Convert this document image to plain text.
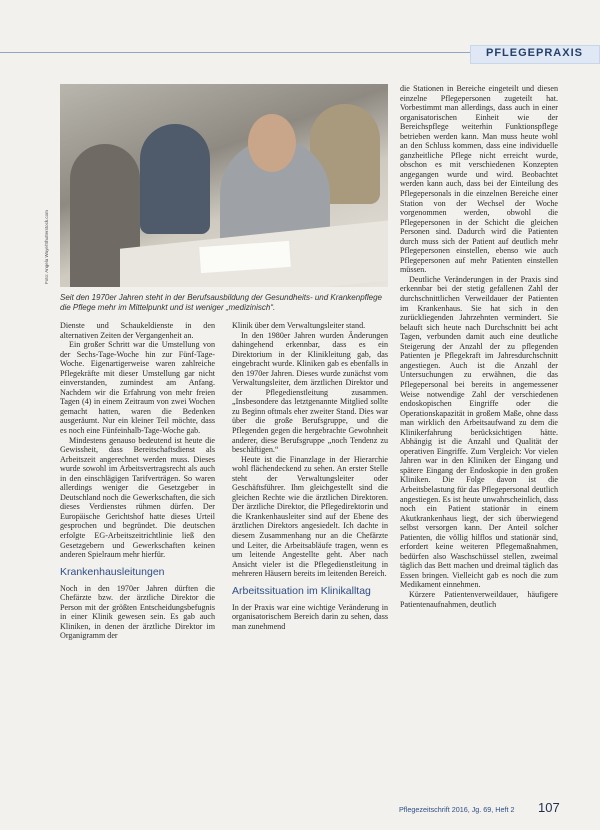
PFLEGEPRAXIS
Foto: Angela Waye/Shutterstock.com
Seit den 1970er Jahren steht in der Berufsausbildung der Gesundheits- und Krankenpflege die Pflege mehr im Mittelpunkt und ist weniger „medizinisch“.

Dienste und Schaukeldienste in den alternativen Zeiten der Vergangenheit an.

Ein großer Schritt war die Umstellung von der Sechs-Tage-Woche hin zur Fünf-Tage-Woche. Eigenartigerweise waren zahlreiche Pflegekräfte mit dieser Umstellung gar nicht einverstanden, zumindest am Anfang. Nachdem wir die Erfahrung von mehr freien Tagen (4) in einem Zeitraum von zwei Wochen gemacht hatten, waren die Bedenken ausgeräumt. Nur ein kleiner Teil möchte, dass es noch eine Fünfeinhalb-Tage-Woche gab.

Mindestens genauso bedeutend ist heute die Gewissheit, dass Bereitschaftsdienst als Arbeitszeit angerechnet werden muss. Dieses wurde sowohl im Arbeitsvertragsrecht als auch in den einschlägigen Tarifverträgen. So waren allerdings weniger die Gesetzgeber in Deutschland noch die Gewerkschaften, die sich dieses Verdienstes rühmen dürfen. Der Europäische Gerichtshof hatte dieses Urteil gesprochen und begründet. Die deutschen erfolgte EG-Arbeitszeitrichtlinie ließ den Gesetzgebern und Gewerkschaften keinen anderen Spielraum mehr hierfür.

Krankenhausleitungen

Noch in den 1970er Jahren dürften die Chefärzte bzw. der ärztliche Direktor die Person mit der größten Entscheidungsbefugnis in einer Klinik gewesen sein. Es gab auch Kliniken, in denen der ärztliche Direktor im Organigramm der

Klinik über dem Verwaltungsleiter stand.

In den 1980er Jahren wurden Änderungen dahingehend erkennbar, dass es ein Direktorium in der Klinikleitung gab, das eingebracht wurde. Kliniken gab es ebenfalls in den 1970er Jahren. Dieses wurde zunächst vom Verwaltungsleiter, dem ärztlichen Direktor und der Pflegedienstleitung zusammen. „Insbesondere das letztgenannte Mitglied sollte zu Beginn oftmals eher zweiter Stand. Dies war über die große Berufsgruppe, und die Pflegenden gegen die hergebrachte Gewohnheit anderer, diese Berufsgruppe „noch Tendenz zu beschäftigen.“

Heute ist die Finanzlage in der Hierarchie wohl flächendeckend zu sehen. An erster Stelle steht der Verwaltungsleiter oder Geschäftsführer. Ihm gleichgestellt sind die gleichen Rechte wie die ärztlichen Direktoren. Der ärztliche Direktor, die Pflegedirektorin und die Krankenhausleiter sind auf der Ebene des ärztlichen Direktors angesiedelt. Ich dachte in diesem Zusammenhang nur an die Chefärzte und Leiter, die Arbeitsabläufe tragen, wenn es um leitende Angestellte geht. Aber nach Ansicht vieler ist die Pflegedienstleitung in mehreren Häusern bereits im leitenden Bereich.

Arbeitssituation im Klinikalltag

In der Praxis war eine wichtige Veränderung in organisatorischem Bereich darin zu sehen, dass man zunehmend

die Stationen in Bereiche eingeteilt und diesen einzelne Pflegepersonen zugeteilt hat. Vorbestimmt man allerdings, dass auch in einer organisatorischen Einheit wie der Bereichspflege weiterhin Funktionspflege betrieben werden kann. Man muss heute wohl an den Schluss kommen, dass eine individuelle ganzheitliche Pflege nicht erreicht wurde, obschon es mit verschiedenen Konzepten angegangen wurde und wird. Beobachtet werden kann auch, dass bei der Einteilung des Pflegepersonals in die einzelnen Bereiche einer Station von der Wechsel der Woche vorgenommen werden, obwohl die Pflegepersonen in der Schicht die gleichen Personen sind. Dadurch wird die Patienten durch muss sich der Patient auf deutlich mehr Pflegepersonen einstellen, ebenso wie auch Pflegepersonen auf mehr Patienten einstellen müssen.

Deutliche Veränderungen in der Praxis sind erkennbar bei der stetig gefallenen Zahl der durchschnittlichen Verweildauer der Patienten im Krankenhaus. Sie hat sich in den zurückliegenden Jahrzehnten vermindert. Sie belauft sich heute nach Durchschnitt bei acht Tagen, verbunden damit auch eine deutliche Steigerung der Anzahl der zu pflegenden Patienten je Pflegekraft im Jahresdurchschnitt angestiegen. Auch ist die Anzahl der Untersuchungen zu erwähnen, die das Pflegepersonal bei bereits in angemessener Weise notwendige Zahl der verschiedenen endoskopischen Eingriffe oder die Operationskapazität in großem Maße, ohne dass man wirklich den Arbeitsaufwand zu dem die Klinikerfahrung berücksichtigen hätte. Abhängig ist die Anzahl und Qualität der operativen Eingriffe. Zum Vergleich: Vor vielen Jahren war in den Kliniken der Eingang und spätere Eingang der Endoskopie in den großen Kliniken. Die Folge davon ist die Arbeitsbelastung für das Pflegepersonal deutlich angestiegen. Es ist heute unwahrscheinlich, dass noch ein Patient stationär in einem Akutkrankenhaus liegt, der sich überwiegend selbst versorgen kann. Der Anteil solcher Patienten, die völlig hilflos und stationär sind, erfordert keine weiteren Pflegemaßnahmen, bedürfen also Waschschüssel stellen, zweimal täglich das Bett machen und dreimal täglich das Essen bringen. Vielleicht gab es noch die zum Medikament einnehmen.

Kürzere Patientenverweildauer, häufigere Patientenaufnahmen, deutlich

Pflegezeitschrift 2016, Jg. 69, Heft 2 107
